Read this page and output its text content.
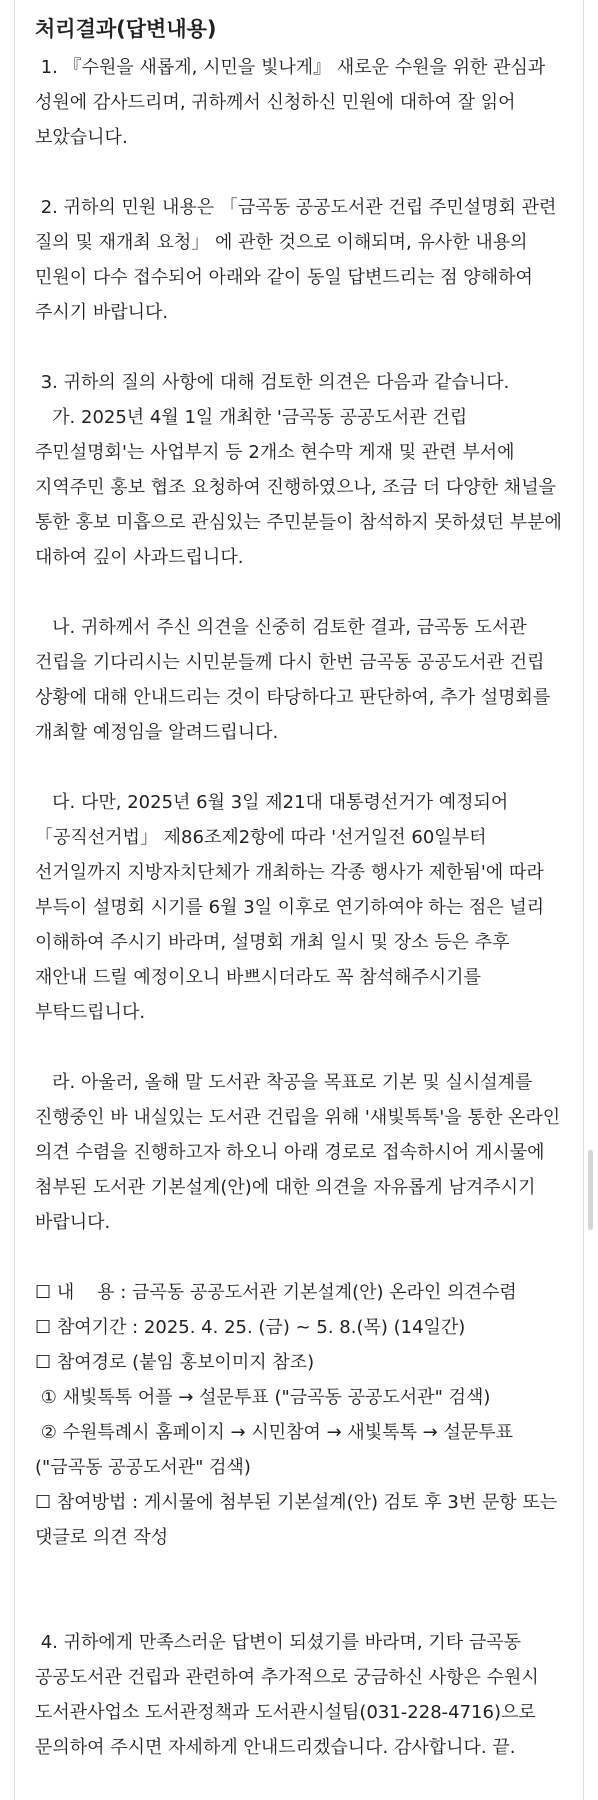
처리결과(답변내용)

1. 『수원을 새롭게, 시민을 빛나게』 새로운 수원을 위한 관심과 성원에 감사드리며, 귀하께서 신청하신 민원에 대하여 잘 읽어 보았습니다.

2. 귀하의 민원 내용은 「금곡동 공공도서관 건립 주민설명회 관련 질의 및 재개최 요청」 에 관한 것으로 이해되며, 유사한 내용의 민원이 다수 접수되어 아래와 같이 동일 답변드리는 점 양해하여 주시기 바랍니다.

3. 귀하의 질의 사항에 대해 검토한 의견은 다음과 같습니다.
가. 2025년 4월 1일 개최한 '금곡동 공공도서관 건립 주민설명회'는 사업부지 등 2개소 현수막 게재 및 관련 부서에 지역주민 홍보 협조 요청하여 진행하였으나, 조금 더 다양한 채널을 통한 홍보 미흡으로 관심있는 주민분들이 참석하지 못하셨던 부분에 대하여 깊이 사과드립니다.

나. 귀하께서 주신 의견을 신중히 검토한 결과, 금곡동 도서관 건립을 기다리시는 시민분들께 다시 한번 금곡동 공공도서관 건립 상황에 대해 안내드리는 것이 타당하다고 판단하여, 추가 설명회를 개최할 예정임을 알려드립니다.

다. 다만, 2025년 6월 3일 제21대 대통령선거가 예정되어 「공직선거법」 제86조제2항에 따라 '선거일전 60일부터 선거일까지 지방자치단체가 개최하는 각종 행사가 제한됨'에 따라 부득이 설명회 시기를 6월 3일 이후로 연기하여야 하는 점은 널리 이해하여 주시기 바라며, 설명회 개최 일시 및 장소 등은 추후 재안내 드릴 예정이오니 바쁘시더라도 꼭 참석해주시기를 부탁드립니다.

라. 아울러, 올해 말 도서관 착공을 목표로 기본 및 실시설계를 진행중인 바 내실있는 도서관 건립을 위해 '새빛톡톡'을 통한 온라인 의견 수렴을 진행하고자 하오니 아래 경로로 접속하시어 게시물에 첨부된 도서관 기본설계(안)에 대한 의견을 자유롭게 남겨주시기 바랍니다.

☐ 내    용 : 금곡동 공공도서관 기본설계(안) 온라인 의견수렴
☐ 참여기간 : 2025. 4. 25. (금) ~ 5. 8.(목) (14일간)
☐ 참여경로 (붙임 홍보이미지 참조)
① 새빛톡톡 어플 → 설문투표 ("금곡동 공공도서관" 검색)
② 수원특례시 홈페이지 → 시민참여 → 새빛톡톡 → 설문투표 ("금곡동 공공도서관" 검색)
☐ 참여방법 : 게시물에 첨부된 기본설계(안) 검토 후 3번 문항 또는 댓글로 의견 작성

4. 귀하에게 만족스러운 답변이 되셨기를 바라며, 기타 금곡동 공공도서관 건립과 관련하여 추가적으로 궁금하신 사항은 수원시 도서관사업소 도서관정책과 도서관시설팀(031-228-4716)으로 문의하여 주시면 자세하게 안내드리겠습니다. 감사합니다. 끝.
